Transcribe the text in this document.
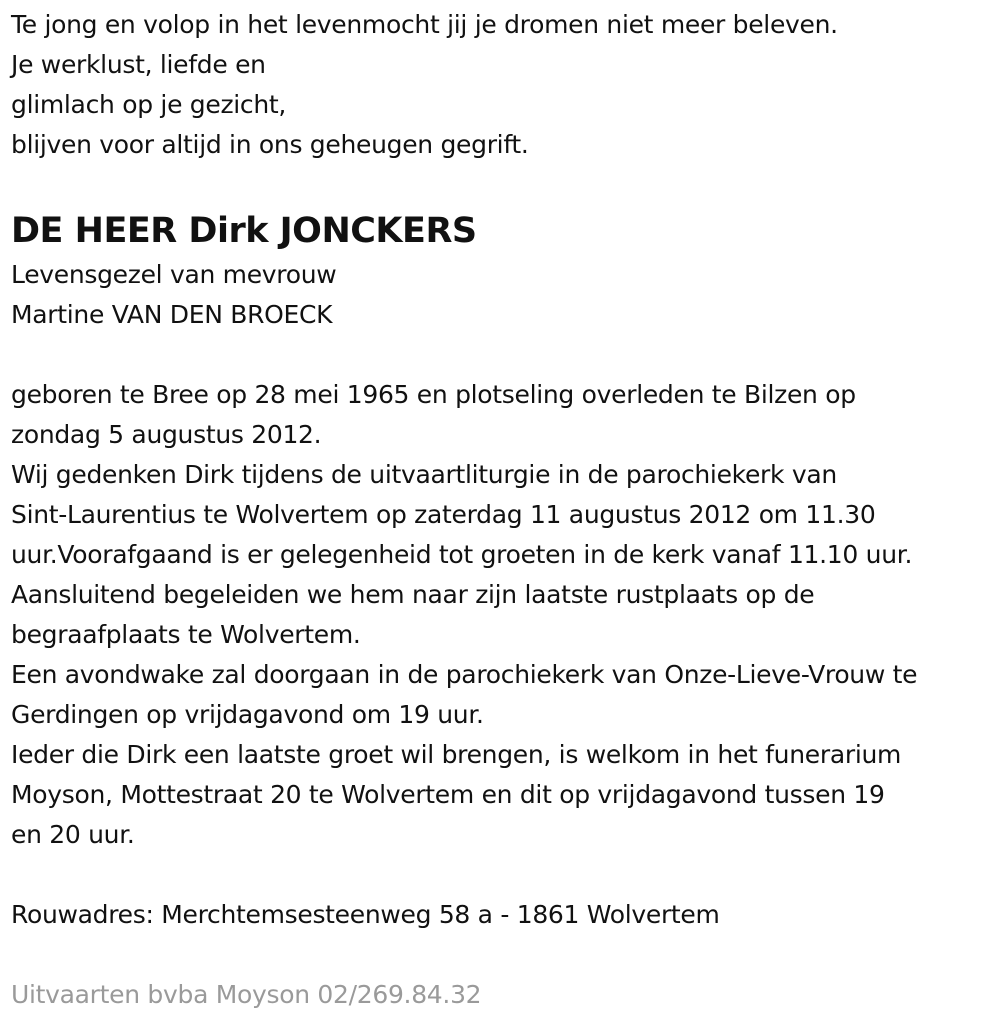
Te jong en volop in het levenmocht jij je dromen niet meer beleven.
Je werklust, liefde en
glimlach op je gezicht,
blijven voor altijd in ons geheugen gegrift.
DE HEER Dirk JONCKERS
Levensgezel van mevrouw
Martine VAN DEN BROECK
geboren te Bree op 28 mei 1965 en plotseling overleden te Bilzen op
zondag 5 augustus 2012.
Wij gedenken Dirk tijdens de uitvaartliturgie in de parochiekerk van
Sint-Laurentius te Wolvertem op zaterdag 11 augustus 2012 om 11.30
uur.Voorafgaand is er gelegenheid tot groeten in de kerk vanaf 11.10 uur.
Aansluitend begeleiden we hem naar zijn laatste rustplaats op de
begraafplaats te Wolvertem.
Een avondwake zal doorgaan in de parochiekerk van Onze-Lieve-Vrouw te
Gerdingen op vrijdagavond om 19 uur.
Ieder die Dirk een laatste groet wil brengen, is welkom in het funerarium
Moyson, Mottestraat 20 te Wolvertem en dit op vrijdagavond tussen 19
en 20 uur.
Rouwadres: Merchtemsesteenweg 58 a - 1861 Wolvertem
Uitvaarten bvba Moyson 02/269.84.32
